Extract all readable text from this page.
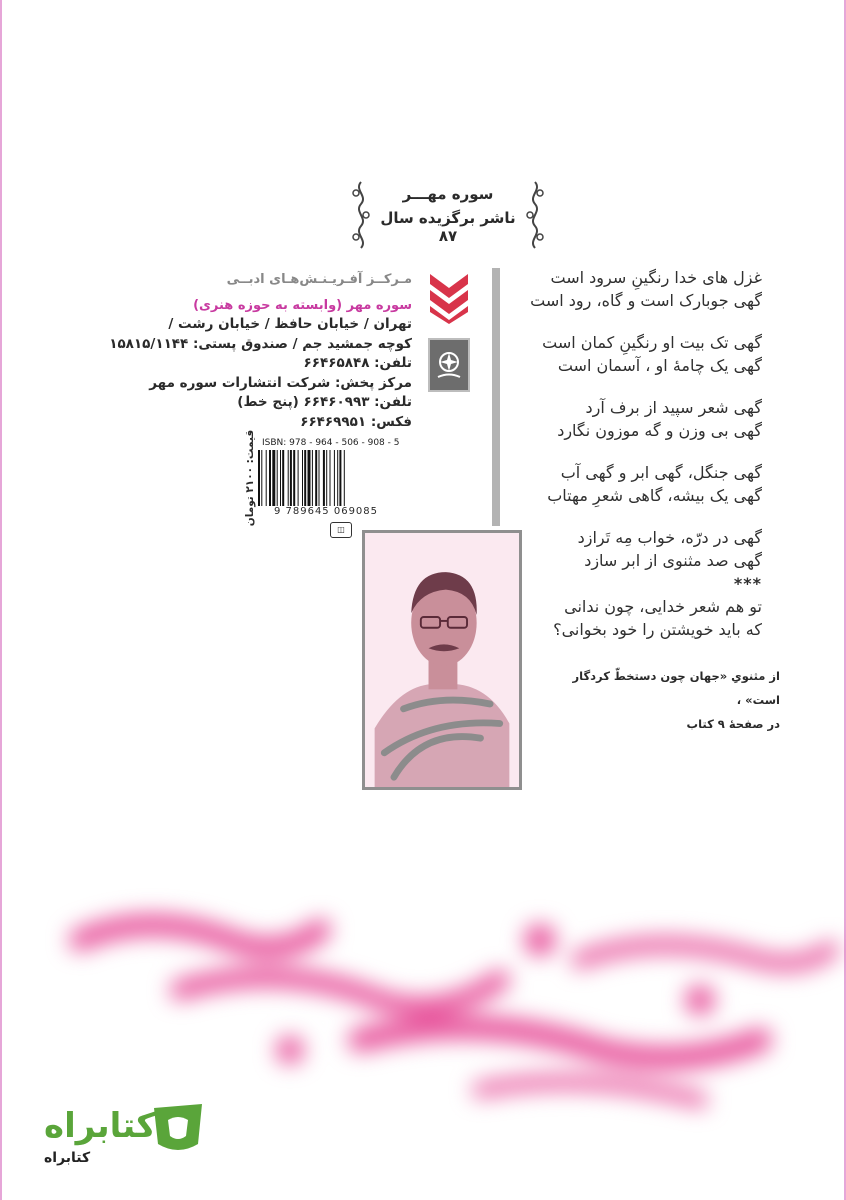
سوره‌ مهـــر
ناشر برگزیده سال ۸۷
مـرکــز آفـریـنـش‌هـای ادبــی
سوره مهر (وابسته به حوزه هنری)
تهران / خیابان حافظ / خیابان رشت /
کوچه جمشید جم / صندوق پستی: ۱۵۸۱۵/۱۱۴۴
تلفن: ۶۶۴۶۵۸۴۸
مرکز پخش: شرکت انتشارات سوره مهر
تلفن: ۶۶۴۶۰۹۹۳ (پنج خط)
فکس: ۶۶۴۶۹۹۵۱
ISBN: 978 - 964 - 506 - 908 - 5
9 789645 069085
قیمت: ۲۱۰۰ تومان
◫
غزل های خدا رنگینِ سرود است
گهی جوبارک است و گاه، رود است
گهی تک بیت او رنگینِ کمان است
گهی یک چامهٔ او ، آسمان است
گهی شعر سپید از برف آرد
گهی بی وزن و گه موزون نگارد
گهی جنگل، گهی ابر و گهی آب
گهی یک بیشه، گاهی شعرِ مهتاب
گهی در درّه، خواب مِه تَرازد
گهی صد مثنوی از ابر سازد
***
تو هم شعر خدایی، چون ندانی
که باید خویشتن را خود بخوانی؟
از مثنویِ «جهان چون دستخطّ کردگار است» ،
در صفحهٔ ۹ کتاب
کتابراه
کتابراه
